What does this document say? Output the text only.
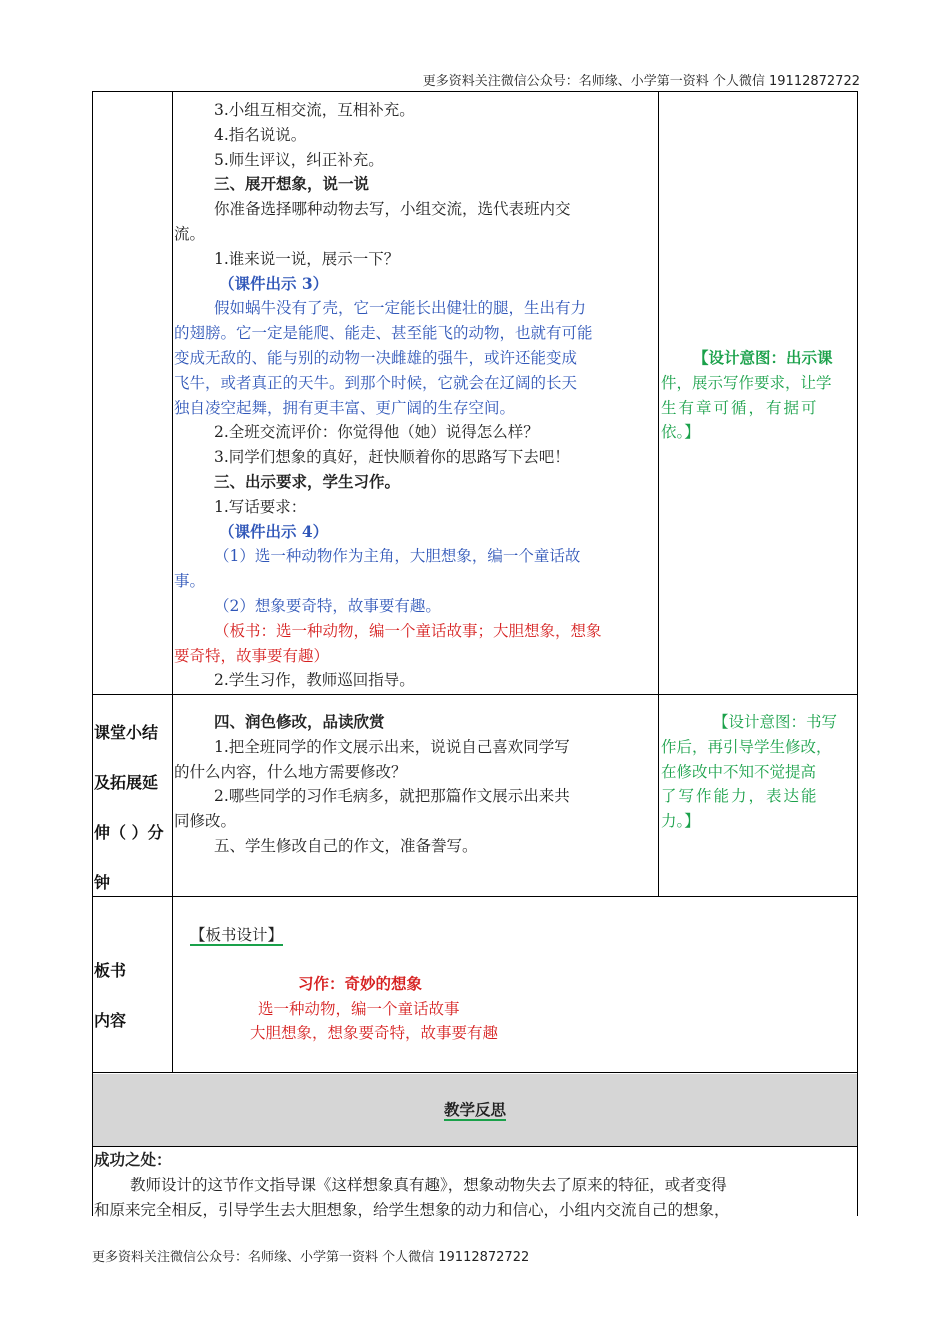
更多资料关注微信公众号：名师缘、小学第一资料 个人微信 19112872722
更多资料关注微信公众号：名师缘、小学第一资料 个人微信 19112872722
3.小组互相交流，互相补充。
4.指名说说。
5.师生评议，纠正补充。
三、展开想象，说一说
你准备选择哪种动物去写，小组交流，选代表班内交
流。
1.谁来说一说，展示一下？
（课件出示 3）
假如蜗牛没有了壳，它一定能长出健壮的腿，生出有力
的翅膀。它一定是能爬、能走、甚至能飞的动物，也就有可能
变成无敌的、能与别的动物一决雌雄的强牛，或许还能变成
飞牛，或者真正的天牛。到那个时候，它就会在辽阔的长天
独自凌空起舞，拥有更丰富、更广阔的生存空间。
2.全班交流评价：你觉得他（她）说得怎么样？
3.同学们想象的真好，赶快顺着你的思路写下去吧！
三、出示要求，学生习作。
1.写话要求：
（课件出示 4）
（1）选一种动物作为主角，大胆想象，编一个童话故
事。
（2）想象要奇特，故事要有趣。
（板书：选一种动物，编一个童话故事；大胆想象，想象
要奇特，故事要有趣）
2.学生习作，教师巡回指导。
【设计意图：出示课
件，展示写作要求，让学
生有章可循，有据可
依。】
课堂小结
及拓展延
伸（ ）分
钟
四、润色修改，品读欣赏
1.把全班同学的作文展示出来，说说自己喜欢同学写
的什么内容，什么地方需要修改？
2.哪些同学的习作毛病多，就把那篇作文展示出来共
同修改。
五、学生修改自己的作文，准备誊写。
【设计意图：书写
作后，再引导学生修改，
在修改中不知不觉提高
了写作能力，表达能
力。】
板书
内容
【板书设计】
习作：奇妙的想象
选一种动物，编一个童话故事
大胆想象，想象要奇特，故事要有趣
教学反思
成功之处：
教师设计的这节作文指导课《这样想象真有趣》，想象动物失去了原来的特征，或者变得
和原来完全相反，引导学生去大胆想象，给学生想象的动力和信心，小组内交流自己的想象，
